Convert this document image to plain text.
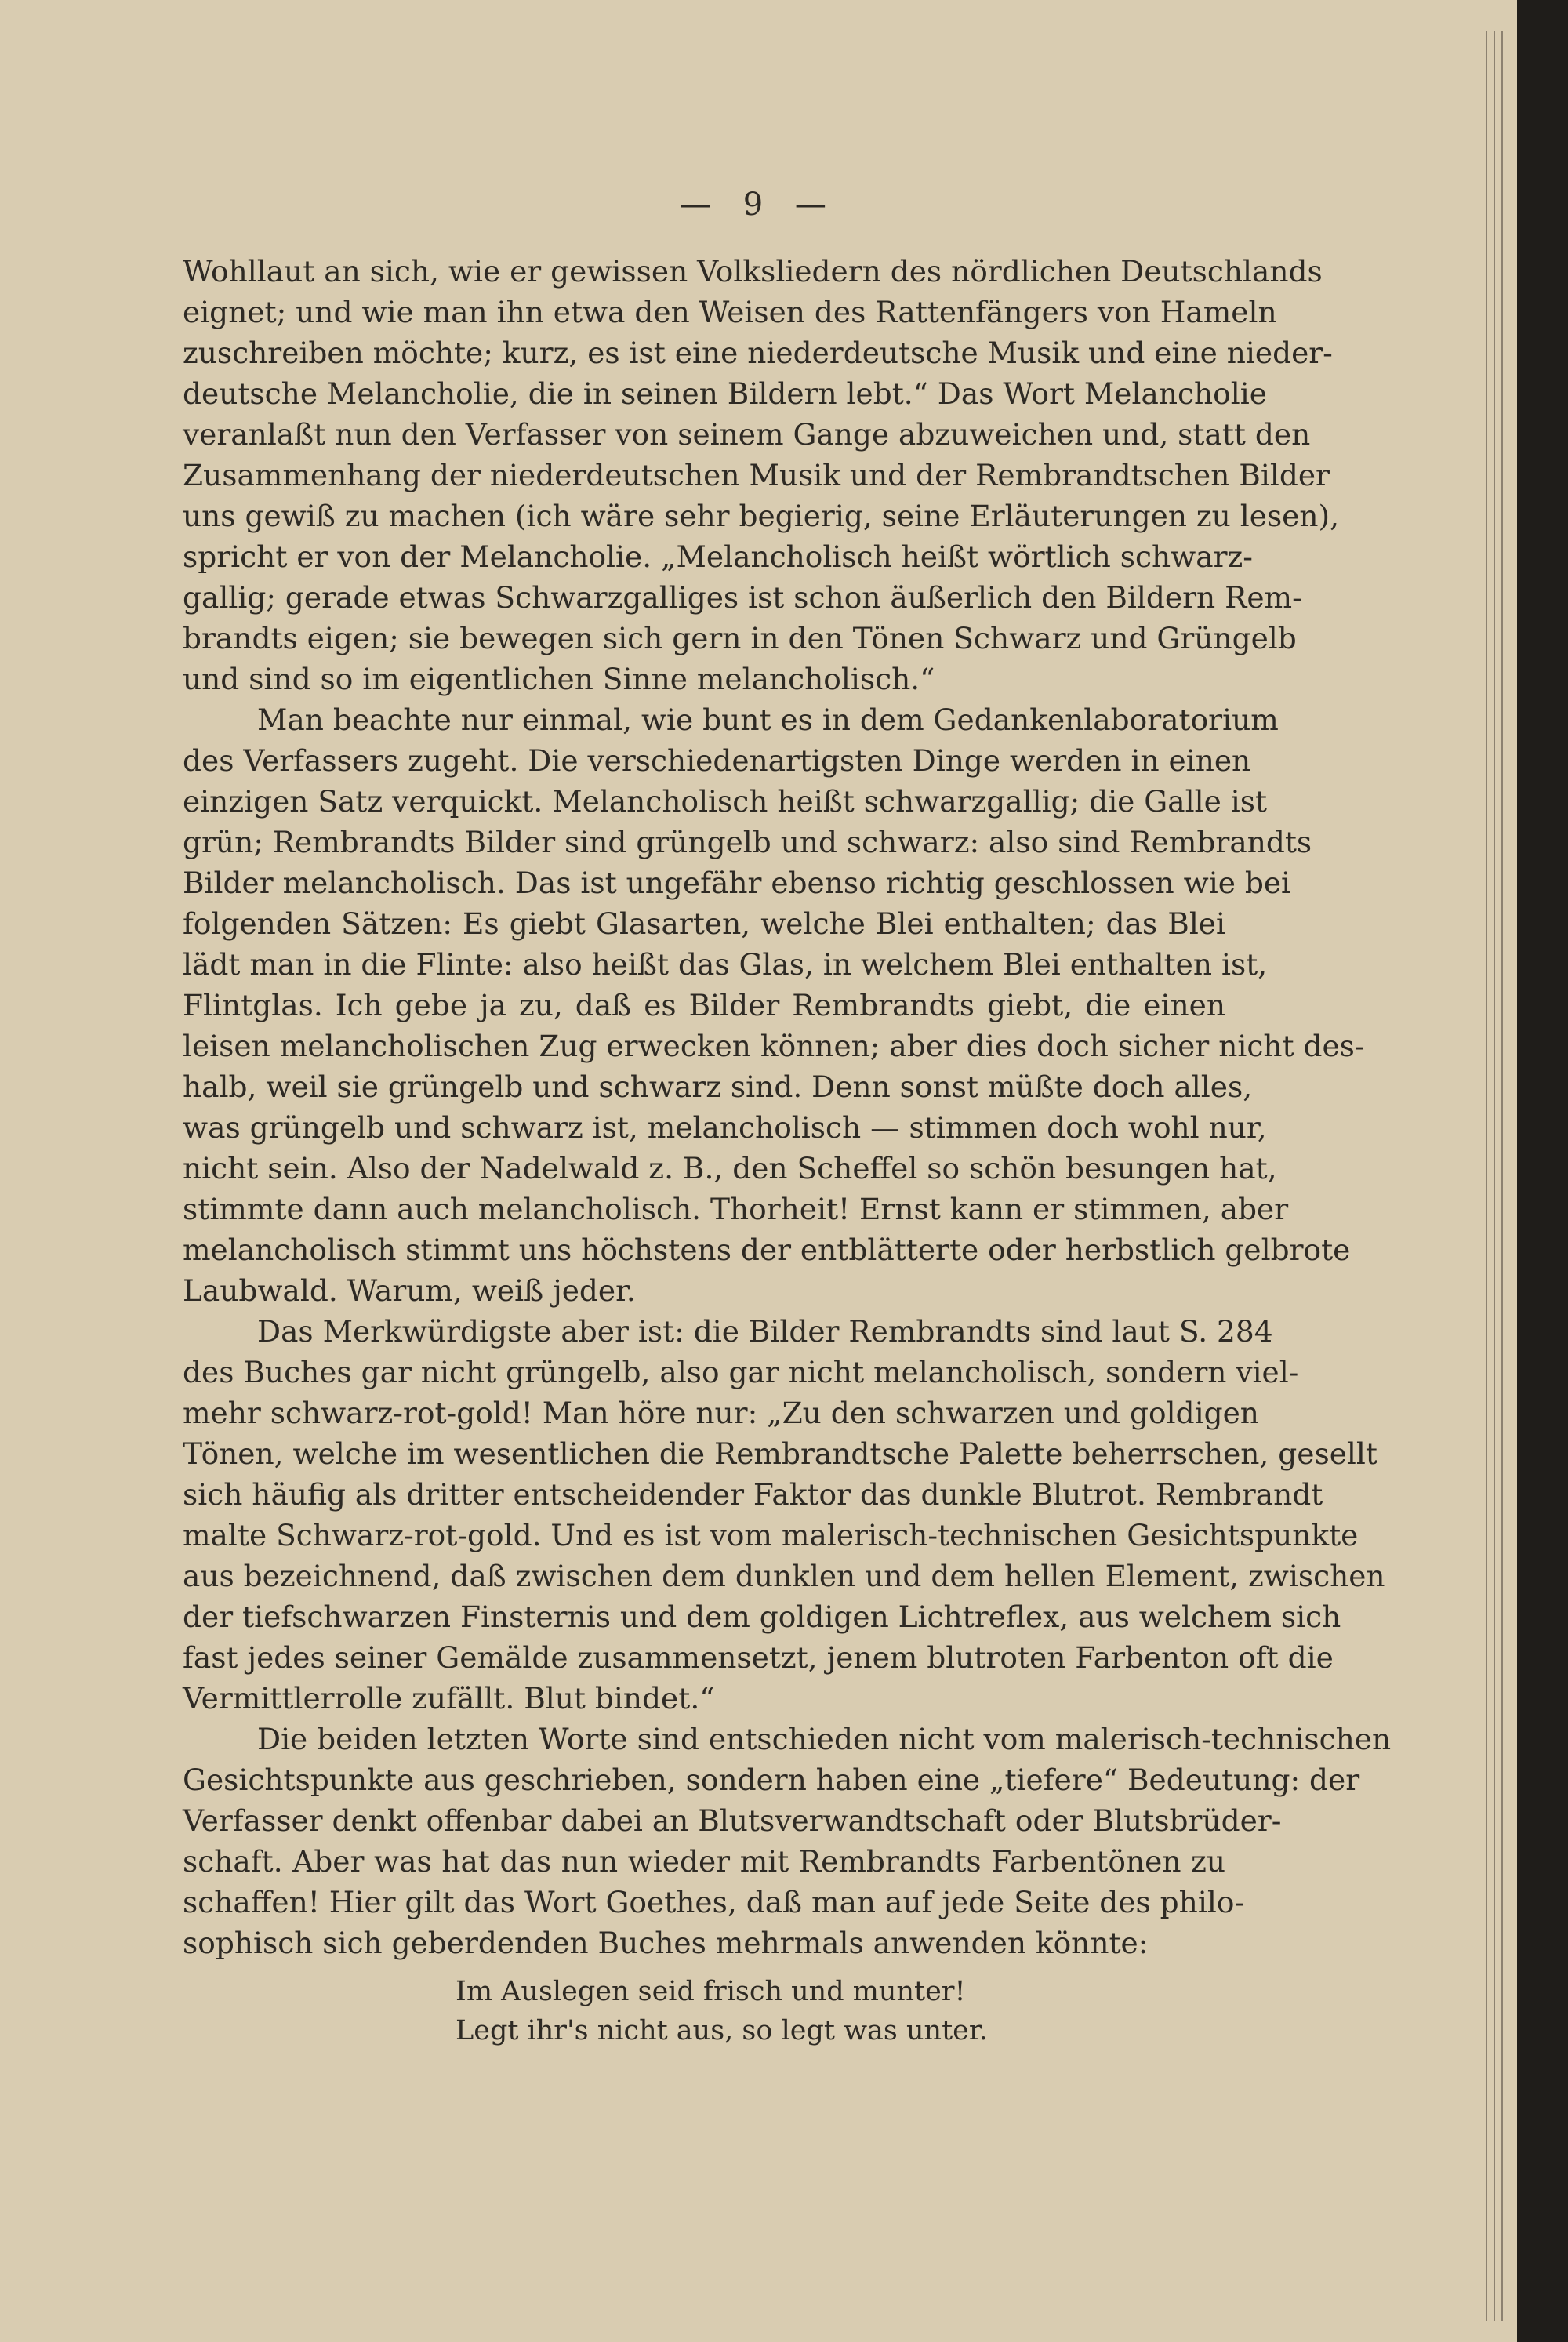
— 9 —
Wohllaut an sich, wie er gewissen Volksliedern des nördlichen Deutschlands
eignet; und wie man ihn etwa den Weisen des Rattenfängers von Hameln
zuschreiben möchte; kurz, es ist eine niederdeutsche Musik und eine nieder-
deutsche Melancholie, die in seinen Bildern lebt.“ Das Wort Melancholie
veranlaßt nun den Verfasser von seinem Gange abzuweichen und, statt den
Zusammenhang der niederdeutschen Musik und der Rembrandtschen Bilder
uns gewiß zu machen (ich wäre sehr begierig, seine Erläuterungen zu lesen),
spricht er von der Melancholie. „Melancholisch heißt wörtlich schwarz-
gallig; gerade etwas Schwarzgalliges ist schon äußerlich den Bildern Rem-
brandts eigen; sie bewegen sich gern in den Tönen Schwarz und Grüngelb
und sind so im eigentlichen Sinne melancholisch.“
Man beachte nur einmal, wie bunt es in dem Gedankenlaboratorium
des Verfassers zugeht. Die verschiedenartigsten Dinge werden in einen
einzigen Satz verquickt. Melancholisch heißt schwarzgallig; die Galle ist
grün; Rembrandts Bilder sind grüngelb und schwarz: also sind Rembrandts
Bilder melancholisch. Das ist ungefähr ebenso richtig geschlossen wie bei
folgenden Sätzen: Es giebt Glasarten, welche Blei enthalten; das Blei
lädt man in die Flinte: also heißt das Glas, in welchem Blei enthalten ist,
Flintglas. Ich gebe ja zu, daß es Bilder Rembrandts giebt, die einen
leisen melancholischen Zug erwecken können; aber dies doch sicher nicht des-
halb, weil sie grüngelb und schwarz sind. Denn sonst müßte doch alles,
was grüngelb und schwarz ist, melancholisch — stimmen doch wohl nur,
nicht sein. Also der Nadelwald z. B., den Scheffel so schön besungen hat,
stimmte dann auch melancholisch. Thorheit! Ernst kann er stimmen, aber
melancholisch stimmt uns höchstens der entblätterte oder herbstlich gelbrote
Laubwald. Warum, weiß jeder.
Das Merkwürdigste aber ist: die Bilder Rembrandts sind laut S. 284
des Buches gar nicht grüngelb, also gar nicht melancholisch, sondern viel-
mehr schwarz-rot-gold! Man höre nur: „Zu den schwarzen und goldigen
Tönen, welche im wesentlichen die Rembrandtsche Palette beherrschen, gesellt
sich häufig als dritter entscheidender Faktor das dunkle Blutrot. Rembrandt
malte Schwarz-rot-gold. Und es ist vom malerisch-technischen Gesichtspunkte
aus bezeichnend, daß zwischen dem dunklen und dem hellen Element, zwischen
der tiefschwarzen Finsternis und dem goldigen Lichtreflex, aus welchem sich
fast jedes seiner Gemälde zusammensetzt, jenem blutroten Farbenton oft die
Vermittlerrolle zufällt. Blut bindet.“
Die beiden letzten Worte sind entschieden nicht vom malerisch-technischen
Gesichtspunkte aus geschrieben, sondern haben eine „tiefere“ Bedeutung: der
Verfasser denkt offenbar dabei an Blutsverwandtschaft oder Blutsbrüder-
schaft. Aber was hat das nun wieder mit Rembrandts Farbentönen zu
schaffen! Hier gilt das Wort Goethes, daß man auf jede Seite des philo-
sophisch sich geberdenden Buches mehrmals anwenden könnte:
Im Auslegen seid frisch und munter!
Legt ihr's nicht aus, so legt was unter.
